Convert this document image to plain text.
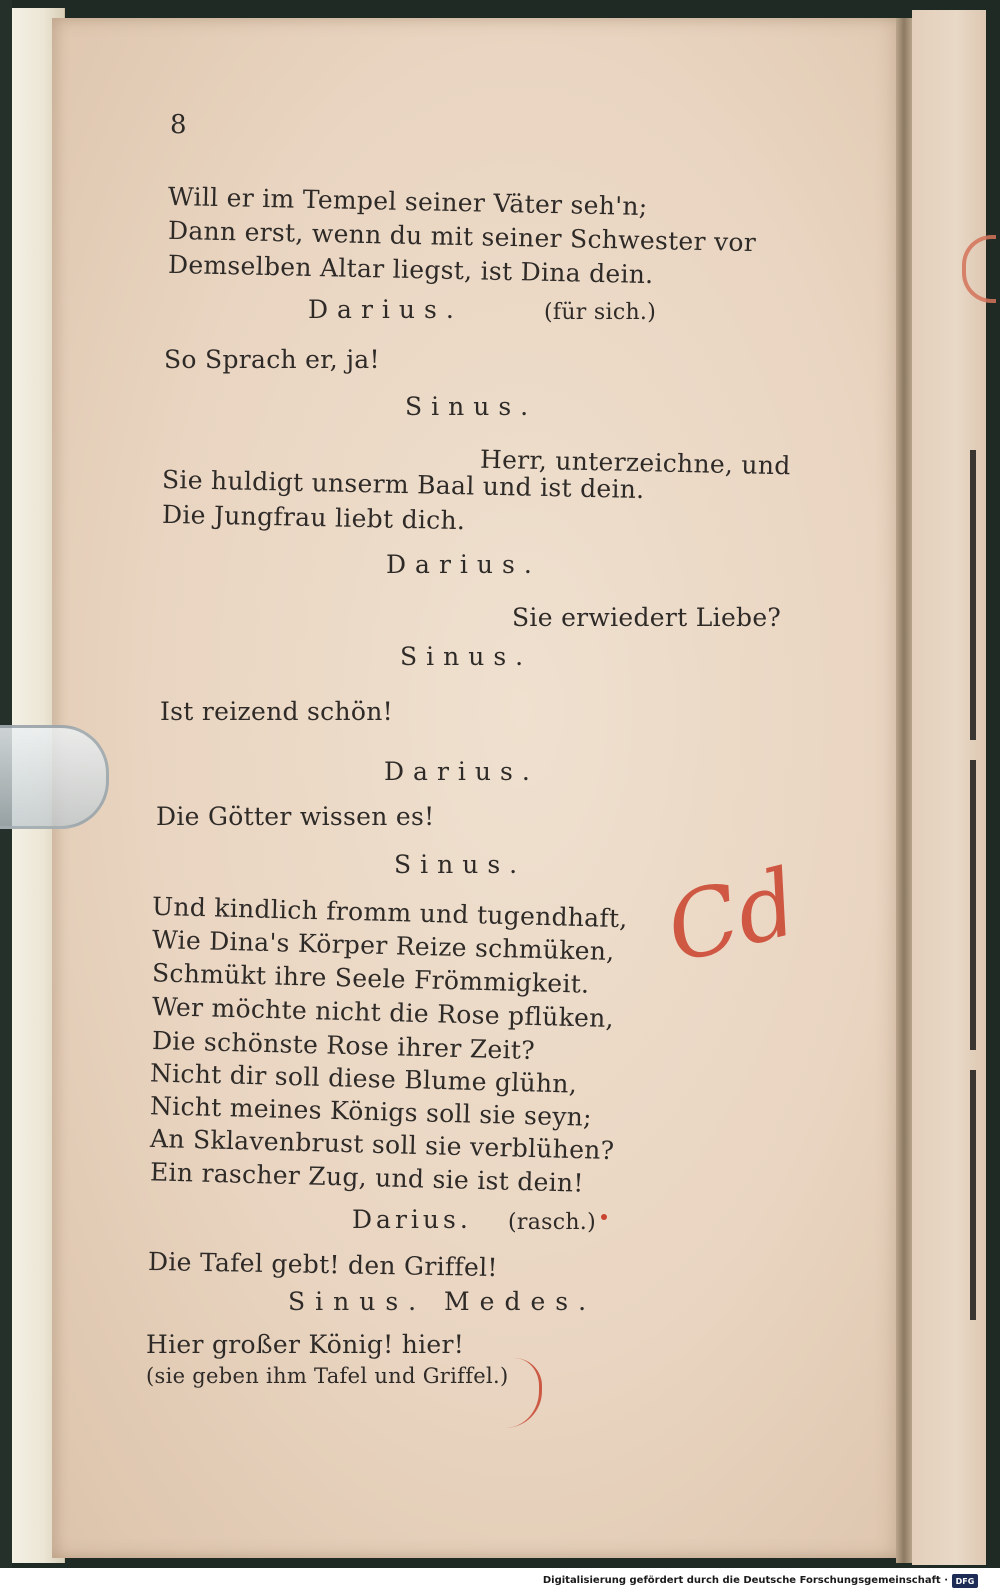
8

Will er im Tempel seiner Väter seh'n;

Dann erst, wenn du mit seiner Schwester vor

Demselben Altar liegst, ist Dina dein.

Darius.	(für sich.)

So Sprach er, ja!

Sinus.

Herr, unterzeichne, und

Sie huldigt unserm Baal und ist dein.

Die Jungfrau liebt dich.

Darius.

Sie erwiedert Liebe?

Sinus.

Ist reizend schön!

Darius.

Die Götter wissen es!

Sinus.

Und kindlich fromm und tugendhaft,

Wie Dina's Körper Reize schmüken,

Schmükt ihre Seele Frömmigkeit.

Wer möchte nicht die Rose pflüken,

Die schönste Rose ihrer Zeit?

Nicht dir soll diese Blume glühn,

Nicht meines Königs soll sie seyn;

An Sklavenbrust soll sie verblühen?

Ein rascher Zug, und sie ist dein!

Darius. (rasch.)

Die Tafel gebt! den Griffel!

Sinus. Medes.

Hier großer König! hier!

(sie geben ihm Tafel und Griffel.)

Cd
Digitalisierung gefördert durch die Deutsche Forschungsgemeinschaft · DFG
